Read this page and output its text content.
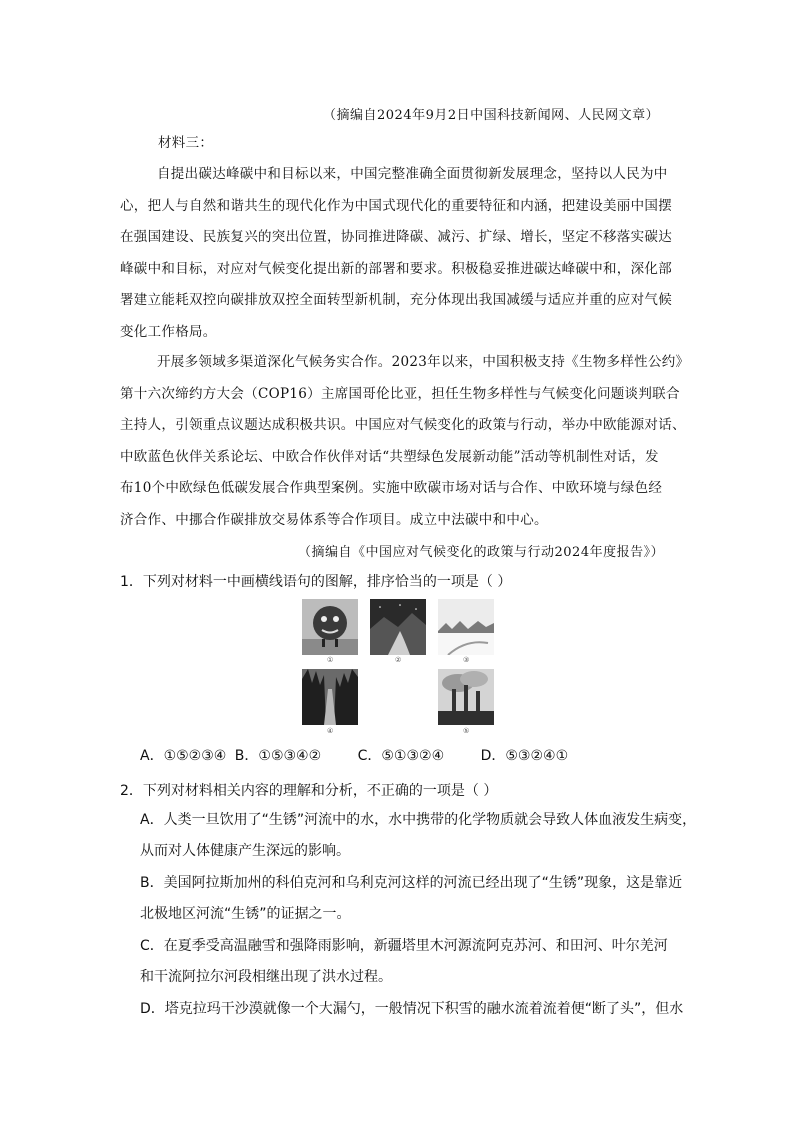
（摘编自2024年9月2日中国科技新闻网、人民网文章）
材料三：
自提出碳达峰碳中和目标以来，中国完整准确全面贯彻新发展理念，坚持以人民为中
心，把人与自然和谐共生的现代化作为中国式现代化的重要特征和内涵，把建设美丽中国摆
在强国建设、民族复兴的突出位置，协同推进降碳、减污、扩绿、增长，坚定不移落实碳达
峰碳中和目标，对应对气候变化提出新的部署和要求。积极稳妥推进碳达峰碳中和，深化部
署建立能耗双控向碳排放双控全面转型新机制，充分体现出我国减缓与适应并重的应对气候
变化工作格局。
开展多领域多渠道深化气候务实合作。2023年以来，中国积极支持《生物多样性公约》
第十六次缔约方大会（COP16）主席国哥伦比亚，担任生物多样性与气候变化问题谈判联合
主持人，引领重点议题达成积极共识。中国应对气候变化的政策与行动，举办中欧能源对话、
中欧蓝色伙伴关系论坛、中欧合作伙伴对话“共塑绿色发展新动能”活动等机制性对话，发
布10个中欧绿色低碳发展合作典型案例。实施中欧碳市场对话与合作、中欧环境与绿色经
济合作、中挪合作碳排放交易体系等合作项目。成立中法碳中和中心。
（摘编自《中国应对气候变化的政策与行动2024年度报告》）
1．下列对材料一中画横线语句的图解，排序恰当的一项是（ ）
①	②	③
④	⑤
A．①⑤②③④ B．①⑤③④②	C．⑤①③②④	D．⑤③②④①
2．下列对材料相关内容的理解和分析，不正确的一项是（ ）
A．人类一旦饮用了“生锈”河流中的水，水中携带的化学物质就会导致人体血液发生病变，
从而对人体健康产生深远的影响。
B．美国阿拉斯加州的科伯克河和乌利克河这样的河流已经出现了“生锈”现象，这是靠近
北极地区河流“生锈”的证据之一。
C．在夏季受高温融雪和强降雨影响，新疆塔里木河源流阿克苏河、和田河、叶尔羌河
和干流阿拉尔河段相继出现了洪水过程。
D．塔克拉玛干沙漠就像一个大漏勺，一般情况下积雪的融水流着流着便“断了头”，但水
